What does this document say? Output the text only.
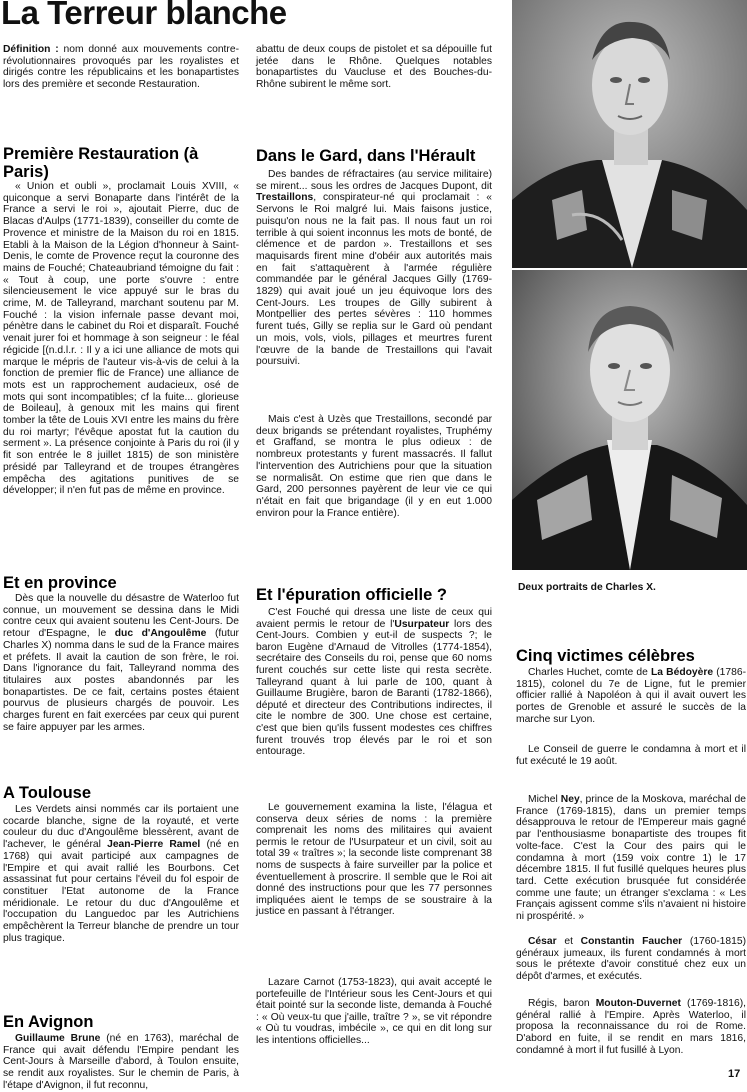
La Terreur blanche

Définition : nom donné aux mouvements contre-révolutionnaires provoqués par les royalistes et dirigés contre les républicains et les bonapartistes lors des première et seconde Restauration.

abattu de deux coups de pistolet et sa dépouille fut jetée dans le Rhône. Quelques notables bonapartistes du Vaucluse et des Bouches-du-Rhône subirent le même sort.

Première Restauration (à Paris)

« Union et oubli », proclamait Louis XVIII, « quiconque a servi Bonaparte dans l'intérêt de la France a servi le roi », ajoutait Pierre, duc de Blacas d'Aulps (1771-1839), conseiller du comte de Provence et ministre de la Maison du roi en 1815. Etabli à la Maison de la Légion d'honneur à Saint-Denis, le comte de Provence reçut la couronne des mains de Fouché; Chateaubriand témoigne du fait : « Tout à coup, une porte s'ouvre : entre silencieusement le vice appuyé sur le bras du crime, M. de Talleyrand, marchant soutenu par M. Fouché : la vision infernale passe devant moi, pénètre dans le cabinet du Roi et disparaît. Fouché venait jurer foi et hommage à son seigneur : le féal régicide [(n.d.l.r. : Il y a ici une alliance de mots qui marque le mépris de l'auteur vis-à-vis de celui à la fonction de premier flic de France) une alliance de mots est un rapprochement audacieux, osé de mots qui sont incompatibles; cf la fuite... glorieuse de Boileau], à genoux mit les mains qui firent tomber la tête de Louis XVI entre les mains du frère du roi martyr; l'évêque apostat fut la caution du serment ». La présence conjointe à Paris du roi (il y fit son entrée le 8 juillet 1815) de son ministère présidé par Talleyrand et de troupes étrangères empêcha des agitations punitives de se développer; il n'en fut pas de même en province.

Dans le Gard, dans l'Hérault

Des bandes de réfractaires (au service militaire) se mirent... sous les ordres de Jacques Dupont, dit Trestaillons, conspirateur-né qui proclamait : « Servons le Roi malgré lui. Mais faisons justice, puisqu'on nous ne la fait pas. Il nous faut un roi terrible à qui soient inconnus les mots de bonté, de clémence et de pardon ». Trestaillons et ses maquisards firent mine d'obéir aux autorités mais en fait s'attaquèrent à l'armée régulière commandée par le général Jacques Gilly (1769-1829) qui avait joué un jeu équivoque lors des Cent-Jours. Les troupes de Gilly subirent à Montpellier des pertes sévères : 110 hommes furent tués, Gilly se replia sur le Gard où pendant un mois, vols, viols, pillages et meurtres furent l'œuvre de la bande de Trestaillons qui l'avait poursuivi.

Mais c'est à Uzès que Trestaillons, secondé par deux brigands se prétendant royalistes, Truphémy et Graffand, se montra le plus odieux : de nombreux protestants y furent massacrés. Il fallut l'intervention des Autrichiens pour que la situation se normalisât. On estime que rien que dans le Gard, 200 personnes payèrent de leur vie ce qui n'était en fait que brigandage (il y en eut 1.000 environ pour la France entière).

Deux portraits de Charles X.
Et en province

Dès que la nouvelle du désastre de Waterloo fut connue, un mouvement se dessina dans le Midi contre ceux qui avaient soutenu les Cent-Jours. De retour d'Espagne, le duc d'Angoulême (futur Charles X) nomma dans le sud de la France maires et préfets. Il avait la caution de son frère, le roi. Dans l'ignorance du fait, Talleyrand nomma des titulaires aux postes abandonnés par les bonapartistes. De ce fait, certains postes étaient pourvus de plusieurs chargés de pouvoir. Les charges furent en fait exercées par ceux qui purent se faire appuyer par les armes.

Et l'épuration officielle ?

C'est Fouché qui dressa une liste de ceux qui avaient permis le retour de l'Usurpateur lors des Cent-Jours. Combien y eut-il de suspects ?; le baron Eugène d'Arnaud de Vitrolles (1774-1854), secrétaire des Conseils du roi, pense que 60 noms furent couchés sur cette liste qui resta secrète. Talleyrand quant à lui parle de 100, quant à Guillaume Brugière, baron de Baranti (1782-1866), député et directeur des Contributions indirectes, il cite le nombre de 300. Une chose est certaine, c'est que bien qu'ils fussent modestes ces chiffres furent trouvés trop élevés par le roi et son entourage.

Le gouvernement examina la liste, l'élagua et conserva deux séries de noms : la première comprenait les noms des militaires qui avaient permis le retour de l'Usurpateur et un civil, soit au total 39 « traîtres »; la seconde liste comprenant 38 noms de suspects à faire surveiller par la police et éventuellement à proscrire. Il semble que le Roi ait donné des instructions pour que les 77 personnes impliquées aient le temps de se soustraire à la justice en passant à l'étranger.

Lazare Carnot (1753-1823), qui avait accepté le portefeuille de l'Intérieur sous les Cent-Jours et qui était pointé sur la seconde liste, demanda à Fouché : « Où veux-tu que j'aille, traître ? », se vit répondre « Où tu voudras, imbécile », ce qui en dit long sur les intentions officielles...

A Toulouse

Les Verdets ainsi nommés car ils portaient une cocarde blanche, signe de la royauté, et verte couleur du duc d'Angoulême blessèrent, avant de l'achever, le général Jean-Pierre Ramel (né en 1768) qui avait participé aux campagnes de l'Empire et qui avait rallié les Bourbons. Cet assassinat fut pour certains l'éveil du fol espoir de constituer l'Etat autonome de la France méridionale. Le retour du duc d'Angoulême et l'occupation du Languedoc par les Autrichiens empêchèrent la Terreur blanche de prendre un tour plus tragique.

En Avignon

Guillaume Brune (né en 1763), maréchal de France qui avait défendu l'Empire pendant les Cent-Jours à Marseille d'abord, à Toulon ensuite, se rendit aux royalistes. Sur le chemin de Paris, à l'étape d'Avignon, il fut reconnu,

Cinq victimes célèbres

Charles Huchet, comte de La Bédoyère (1786-1815), colonel du 7e de Ligne, fut le premier officier rallié à Napoléon à qui il avait ouvert les portes de Grenoble et assuré le succès de la marche sur Lyon.

Le Conseil de guerre le condamna à mort et il fut exécuté le 19 août.

Michel Ney, prince de la Moskova, maréchal de France (1769-1815), dans un premier temps désapprouva le retour de l'Empereur mais gagné par l'enthousiasme bonapartiste des troupes fit volte-face. C'est la Cour des pairs qui le condamna à mort (159 voix contre 1) le 17 décembre 1815. Il fut fusillé quelques heures plus tard. Cette exécution brusquée fut considérée comme une faute; un étranger s'exclama : « Les Français agissent comme s'ils n'avaient ni histoire ni prospérité. »

César et Constantin Faucher (1760-1815) généraux jumeaux, ils furent condamnés à mort sous le prétexte d'avoir constitué chez eux un dépôt d'armes, et exécutés.

Régis, baron Mouton-Duvernet (1769-1816), général rallié à l'Empire. Après Waterloo, il proposa la reconnaissance du roi de Rome. D'abord en fuite, il se rendit en mars 1816, condamné à mort il fut fusillé à Lyon.

17
